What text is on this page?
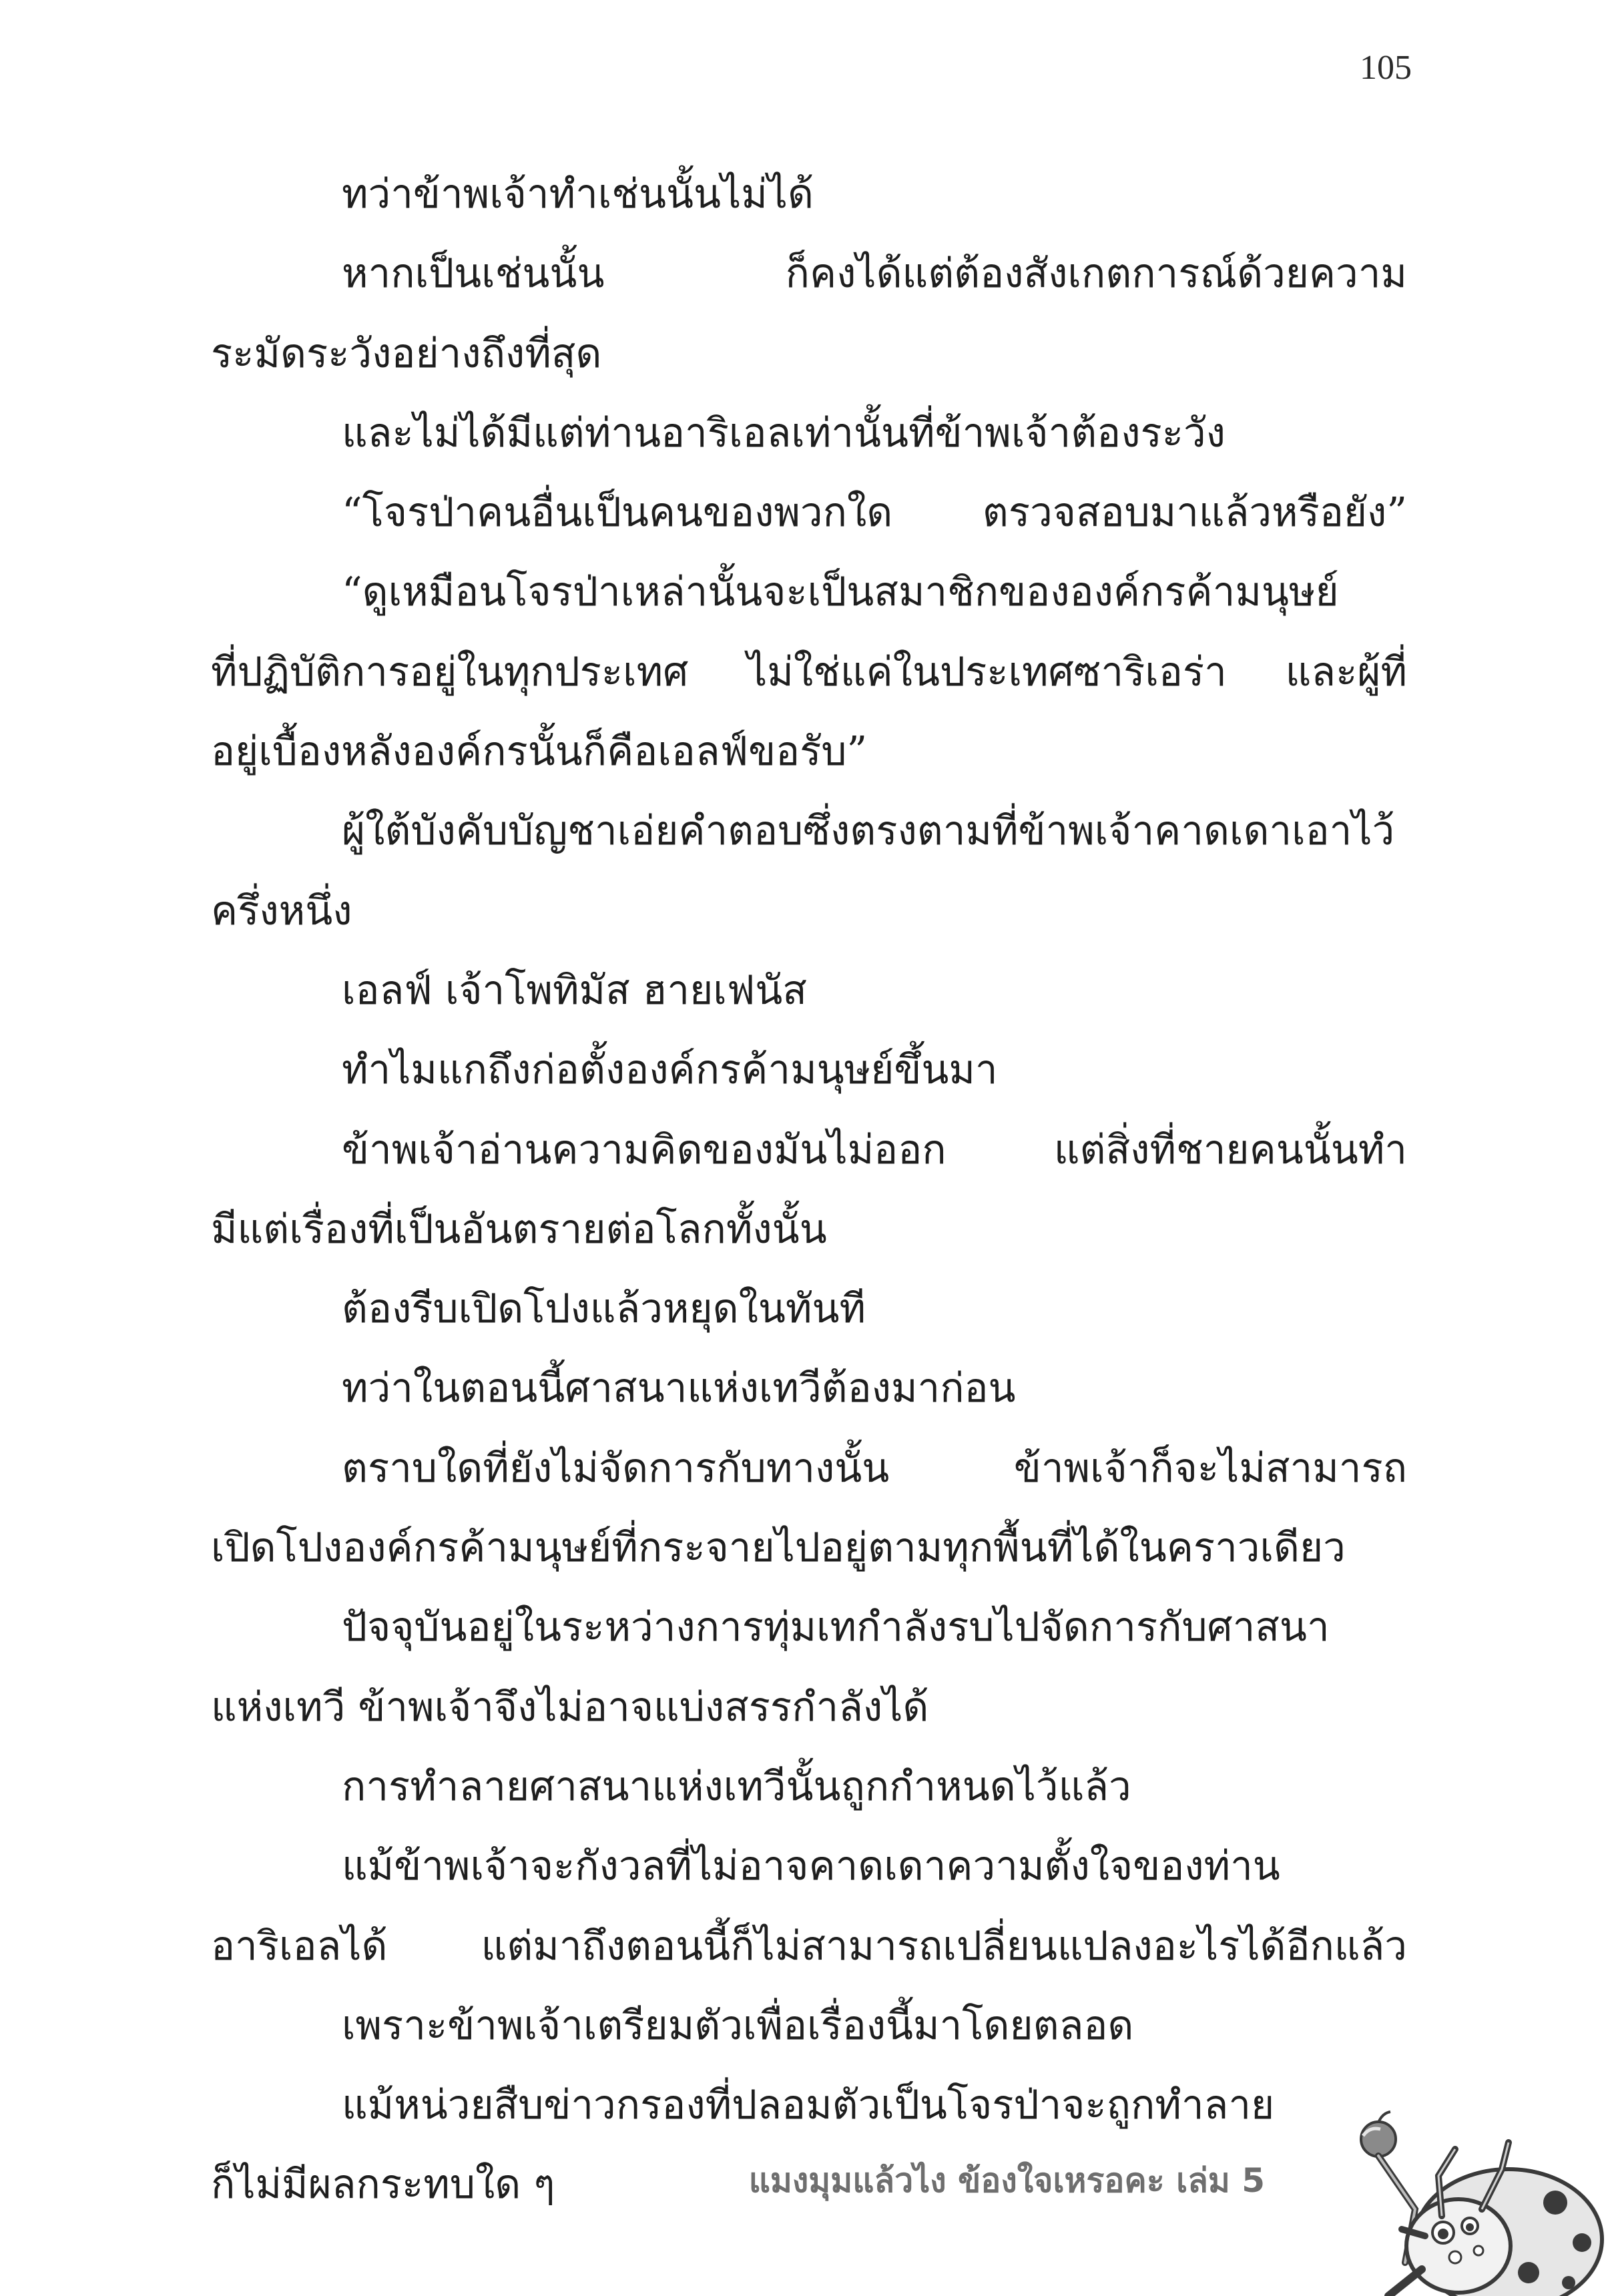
105
ทว่าข้าพเจ้าทำเช่นนั้นไม่ได้
หากเป็นเช่นนั้น ก็คงได้แต่ต้องสังเกตการณ์ด้วยความ
ระมัดระวังอย่างถึงที่สุด
และไม่ได้มีแต่ท่านอาริเอลเท่านั้นที่ข้าพเจ้าต้องระวัง
“โจรป่าคนอื่นเป็นคนของพวกใด ตรวจสอบมาแล้วหรือยัง”
“ดูเหมือนโจรป่าเหล่านั้นจะเป็นสมาชิกขององค์กรค้ามนุษย์
ที่ปฏิบัติการอยู่ในทุกประเทศ ไม่ใช่แค่ในประเทศซาริเอร่า และผู้ที่
อยู่เบื้องหลังองค์กรนั้นก็คือเอลฟ์ขอรับ”
ผู้ใต้บังคับบัญชาเอ่ยคำตอบซึ่งตรงตามที่ข้าพเจ้าคาดเดาเอาไว้
ครึ่งหนึ่ง
เอลฟ์ เจ้าโพทิมัส ฮายเฟนัส
ทำไมแกถึงก่อตั้งองค์กรค้ามนุษย์ขึ้นมา
ข้าพเจ้าอ่านความคิดของมันไม่ออก แต่สิ่งที่ชายคนนั้นทำ
มีแต่เรื่องที่เป็นอันตรายต่อโลกทั้งนั้น
ต้องรีบเปิดโปงแล้วหยุดในทันที
ทว่าในตอนนี้ศาสนาแห่งเทวีต้องมาก่อน
ตราบใดที่ยังไม่จัดการกับทางนั้น ข้าพเจ้าก็จะไม่สามารถ
เปิดโปงองค์กรค้ามนุษย์ที่กระจายไปอยู่ตามทุกพื้นที่ได้ในคราวเดียว
ปัจจุบันอยู่ในระหว่างการทุ่มเทกำลังรบไปจัดการกับศาสนา
แห่งเทวี ข้าพเจ้าจึงไม่อาจแบ่งสรรกำลังได้
การทำลายศาสนาแห่งเทวีนั้นถูกกำหนดไว้แล้ว
แม้ข้าพเจ้าจะกังวลที่ไม่อาจคาดเดาความตั้งใจของท่าน
อาริเอลได้ แต่มาถึงตอนนี้ก็ไม่สามารถเปลี่ยนแปลงอะไรได้อีกแล้ว
เพราะข้าพเจ้าเตรียมตัวเพื่อเรื่องนี้มาโดยตลอด
แม้หน่วยสืบข่าวกรองที่ปลอมตัวเป็นโจรป่าจะถูกทำลาย
ก็ไม่มีผลกระทบใด ๆ	แมงมุมแล้วไง ข้องใจเหรอคะ เล่ม 5
